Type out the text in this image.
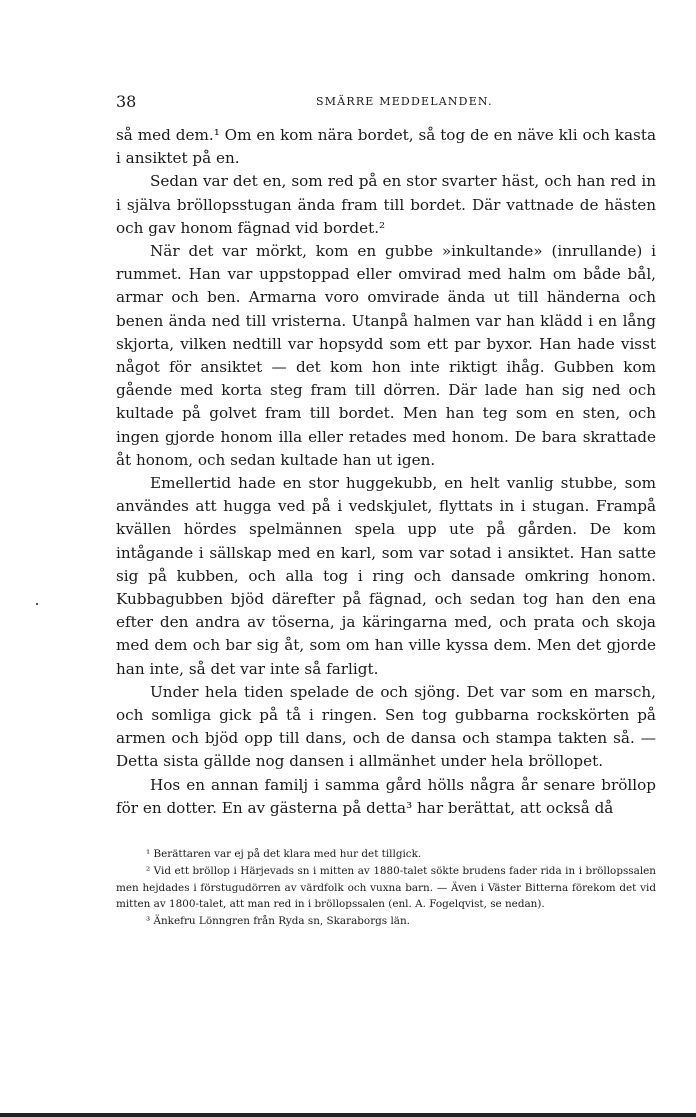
38	SMÄRRE MEDDELANDEN.

så med dem.¹ Om en kom nära bordet, så tog de en näve kli och kasta i ansiktet på en.

Sedan var det en, som red på en stor svarter häst, och han red in i själva bröllopsstugan ända fram till bordet. Där vattnade de hästen och gav honom fägnad vid bordet.²

När det var mörkt, kom en gubbe »inkultande» (inrullande) i rummet. Han var uppstoppad eller omvirad med halm om både bål, armar och ben. Armarna voro omvirade ända ut till händerna och benen ända ned till vristerna. Utanpå halmen var han klädd i en lång skjorta, vilken nedtill var hopsydd som ett par byxor. Han hade visst något för ansiktet — det kom hon inte riktigt ihåg. Gubben kom gående med korta steg fram till dörren. Där lade han sig ned och kultade på golvet fram till bordet. Men han teg som en sten, och ingen gjorde honom illa eller retades med honom. De bara skrattade åt honom, och sedan kultade han ut igen.

Emellertid hade en stor huggekubb, en helt vanlig stubbe, som användes att hugga ved på i vedskjulet, flyttats in i stugan. Frampå kvällen hördes spelmännen spela upp ute på gården. De kom intågande i sällskap med en karl, som var sotad i ansiktet. Han satte sig på kubben, och alla tog i ring och dansade omkring honom. Kubbagubben bjöd därefter på fägnad, och sedan tog han den ena efter den andra av töserna, ja käringarna med, och prata och skoja med dem och bar sig åt, som om han ville kyssa dem. Men det gjorde han inte, så det var inte så farligt.

Under hela tiden spelade de och sjöng. Det var som en marsch, och somliga gick på tå i ringen. Sen tog gubbarna rockskörten på armen och bjöd opp till dans, och de dansa och stampa takten så. — Detta sista gällde nog dansen i allmänhet under hela bröllopet.

Hos en annan familj i samma gård hölls några år senare bröllop för en dotter. En av gästerna på detta³ har berättat, att också då

¹ Berättaren var ej på det klara med hur det tillgick.

² Vid ett bröllop i Härjevads sn i mitten av 1880-talet sökte brudens fader rida in i bröllopssalen men hejdades i förstugudörren av värdfolk och vuxna barn. — Även i Väster Bitterna förekom det vid mitten av 1800-talet, att man red in i bröllopssalen (enl. A. Fogelqvist, se nedan).

³ Änkefru Lönngren från Ryda sn, Skaraborgs län.
